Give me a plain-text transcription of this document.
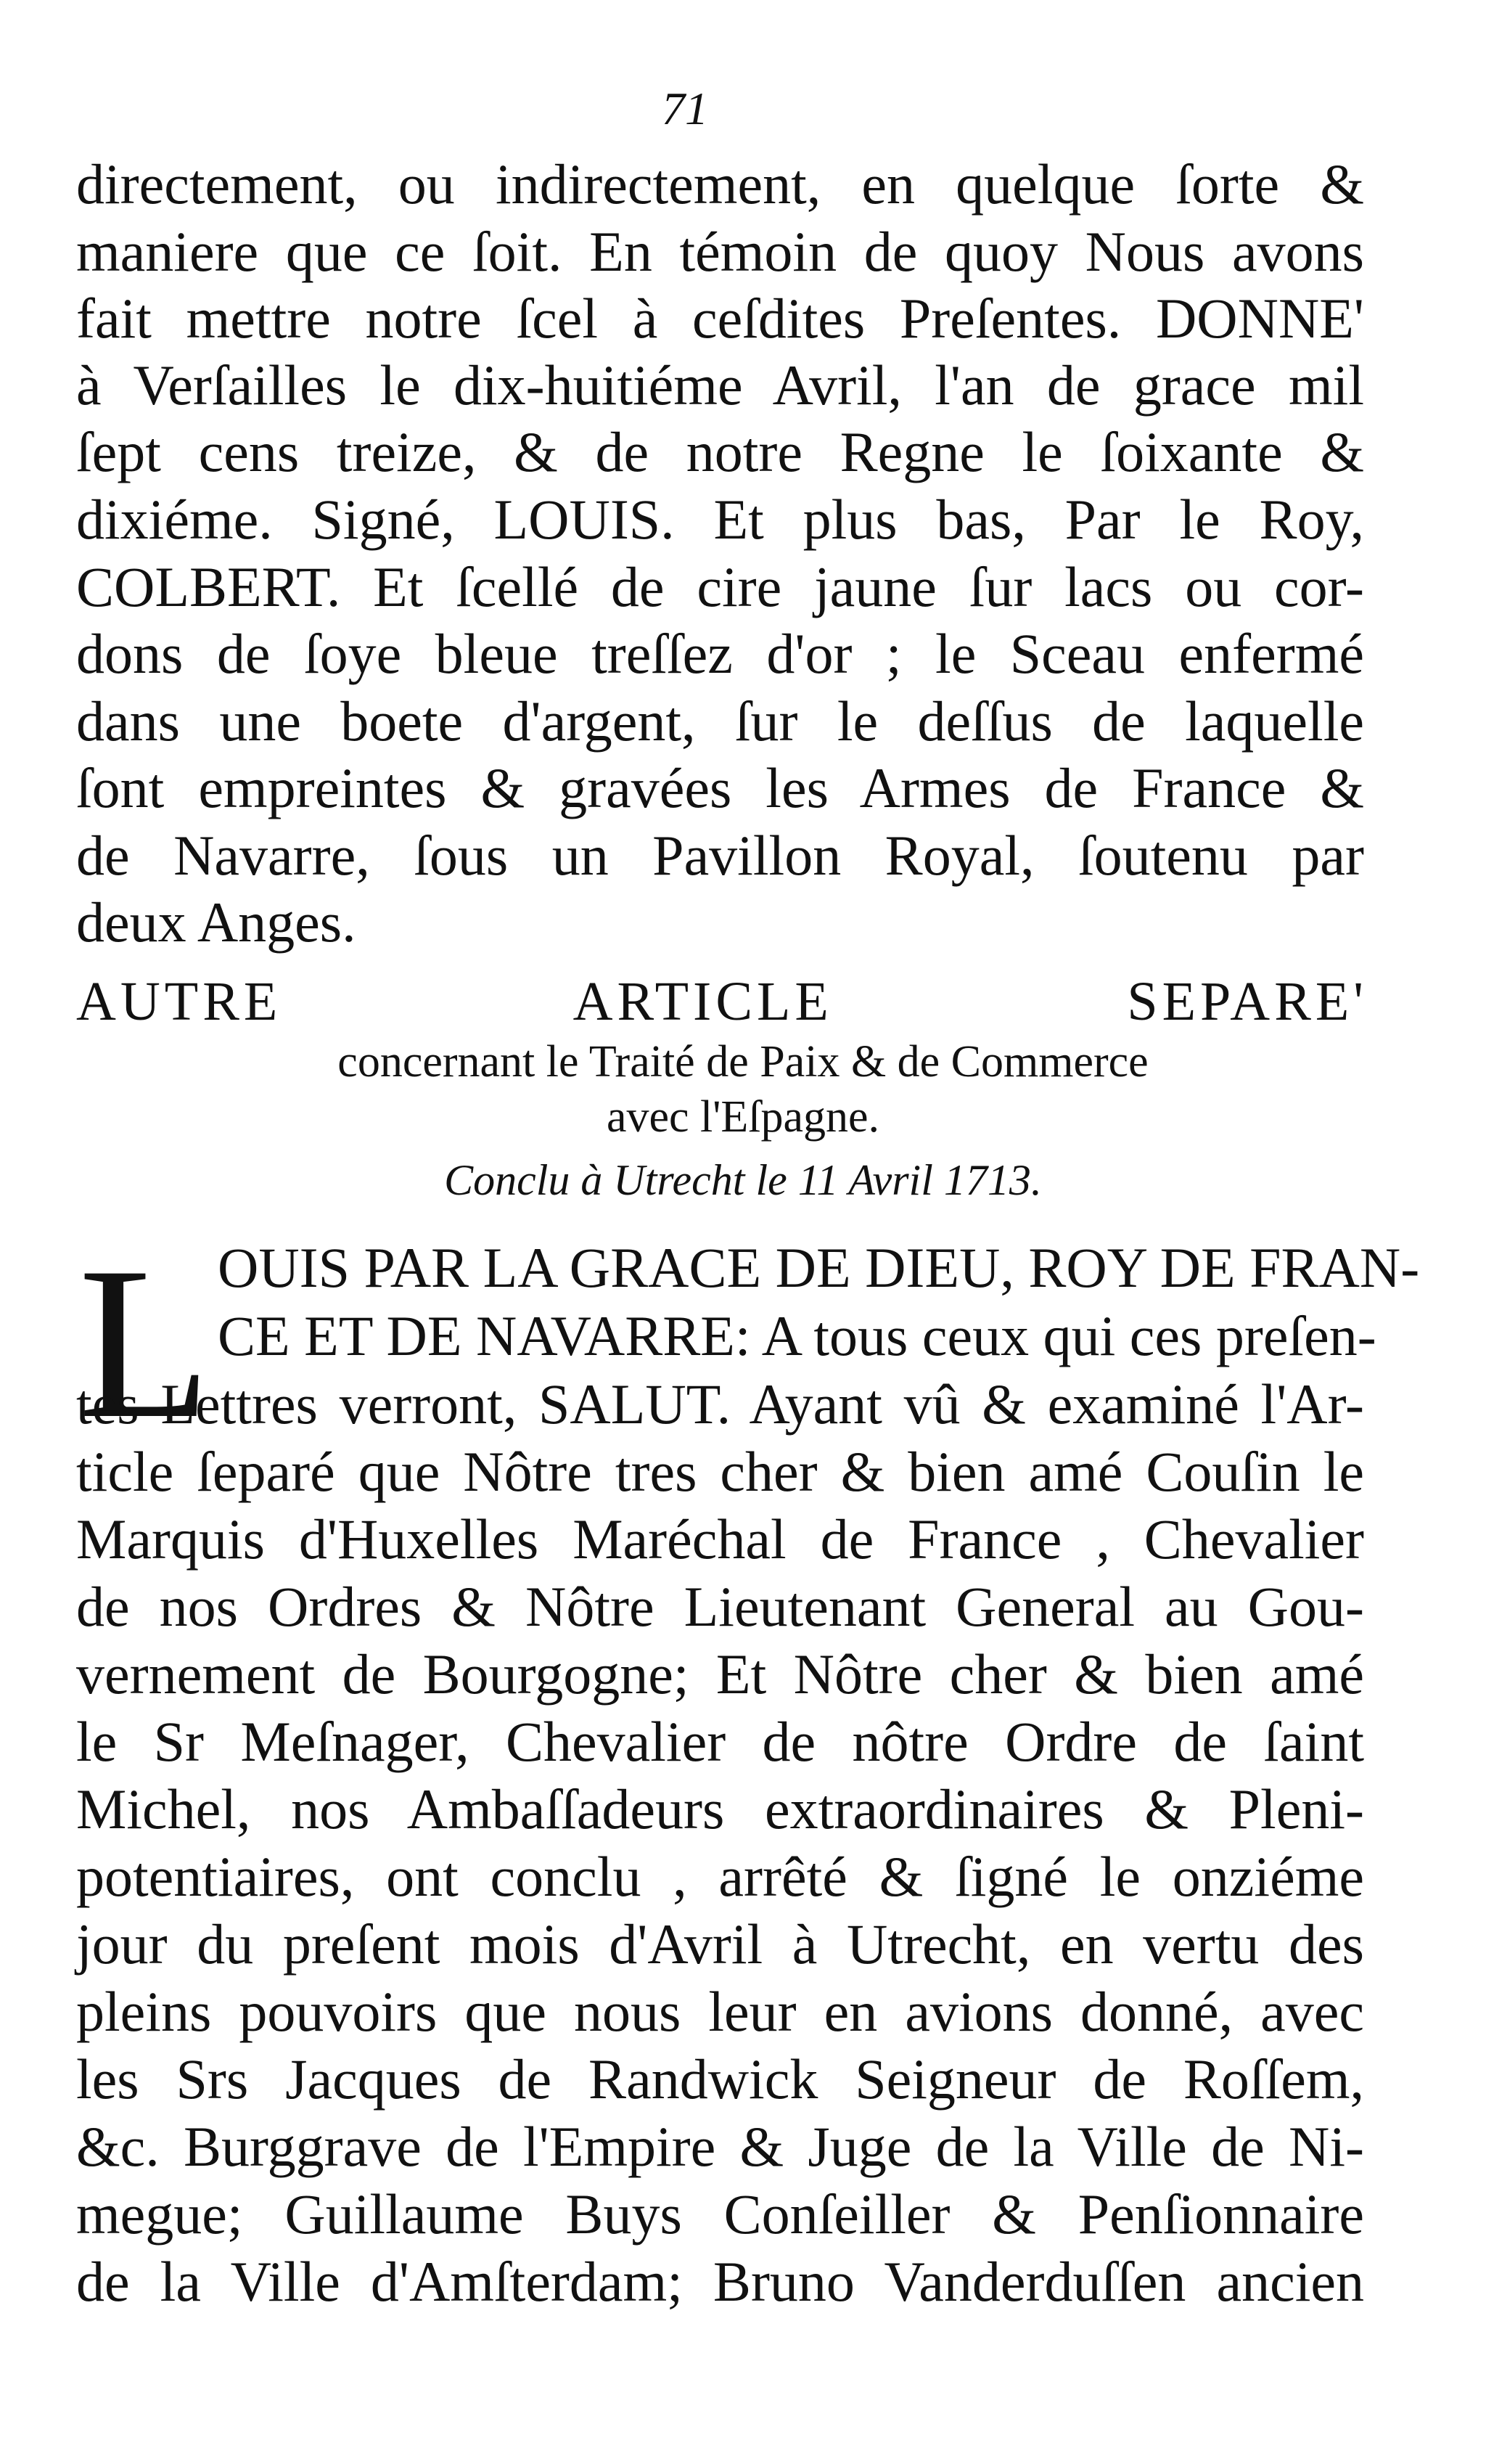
71
directement, ou indirectement, en quelque ſorte &
maniere que ce ſoit. En témoin de quoy Nous avons
fait mettre notre ſcel à ceſdites Preſentes. DONNE'
à Verſailles le dix-huitiéme Avril, l'an de grace mil
ſept cens treize, & de notre Regne le ſoixante &
dixiéme. Signé, LOUIS. Et plus bas, Par le Roy,
COLBERT. Et ſcellé de cire jaune ſur lacs ou cor-
dons de ſoye bleue treſſez d'or ; le Sceau enfermé
dans une boete d'argent, ſur le deſſus de laquelle
ſont empreintes & gravées les Armes de France &
de Navarre, ſous un Pavillon Royal, ſoutenu par
deux Anges.
AUTRE ARTICLE SEPARE'
concernant le Traité de Paix & de Commerce
avec l'Eſpagne.
Conclu à Utrecht le 11 Avril 1713.
L OUIS PAR LA GRACE DE DIEU, ROY DE FRAN-
CE ET DE NAVARRE: A tous ceux qui ces preſen-
tes Lettres verront, SALUT. Ayant vû & examiné l'Ar-
ticle ſeparé que Nôtre tres cher & bien amé Couſin le
Marquis d'Huxelles Maréchal de France , Chevalier
de nos Ordres & Nôtre Lieutenant General au Gou-
vernement de Bourgogne; Et Nôtre cher & bien amé
le Sr Meſnager, Chevalier de nôtre Ordre de ſaint
Michel, nos Ambaſſadeurs extraordinaires & Pleni-
potentiaires, ont conclu , arrêté & ſigné le onziéme
jour du preſent mois d'Avril à Utrecht, en vertu des
pleins pouvoirs que nous leur en avions donné, avec
les Srs Jacques de Randwick Seigneur de Roſſem,
&c. Burggrave de l'Empire & Juge de la Ville de Ni-
megue; Guillaume Buys Conſeiller & Penſionnaire
de la Ville d'Amſterdam; Bruno Vanderduſſen ancien
